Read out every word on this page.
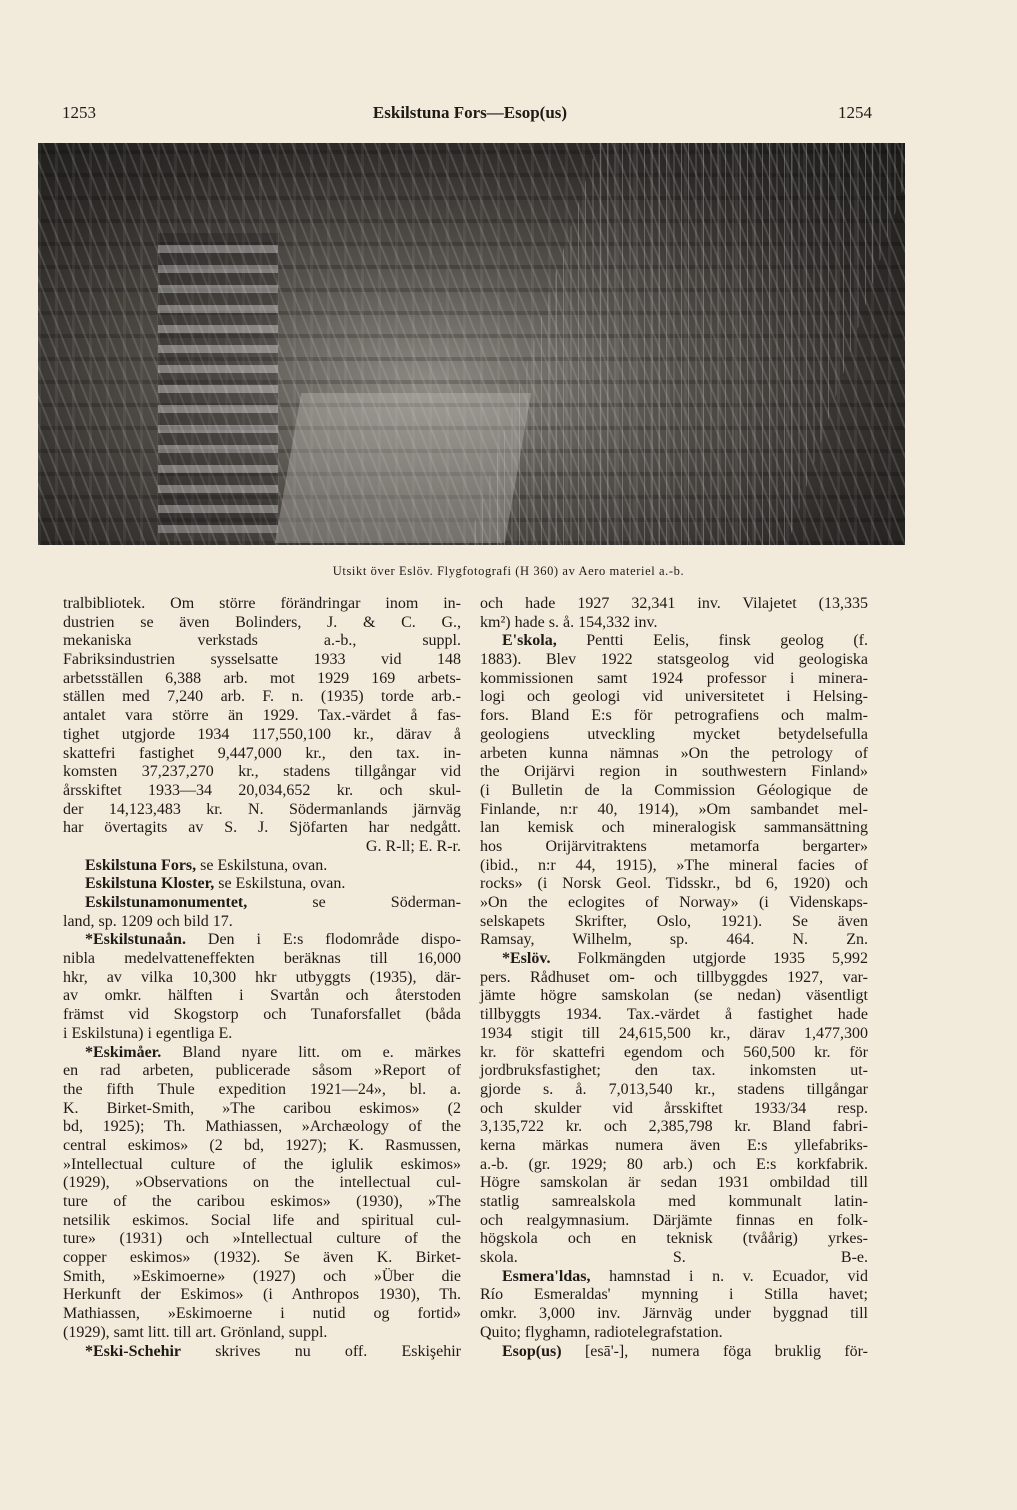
1253	Eskilstuna Fors—Esop(us)	1254
Utsikt över Eslöv. Flygfotografi (H 360) av Aero materiel a.-b.
tralbibliotek. Om större förändringar inom in-
dustrien se även Bolinders, J. & C. G.,
mekaniska verkstads a.-b., suppl.
Fabriksindustrien sysselsatte 1933 vid 148
arbetsställen 6,388 arb. mot 1929 169 arbets-
ställen med 7,240 arb. F. n. (1935) torde arb.-
antalet vara större än 1929. Tax.-värdet å fas-
tighet utgjorde 1934 117,550,100 kr., därav å
skattefri fastighet 9,447,000 kr., den tax. in-
komsten 37,237,270 kr., stadens tillgångar vid
årsskiftet 1933—34 20,034,652 kr. och skul-
der 14,123,483 kr. N. Södermanlands järnväg
har övertagits av S. J. Sjöfarten har nedgått.
G. R-ll; E. R-r.
Eskilstuna Fors, se Eskilstuna, ovan.
Eskilstuna Kloster, se Eskilstuna, ovan.
Eskilstunamonumentet, se Söderman-
land, sp. 1209 och bild 17.
*Eskilstunaån. Den i E:s flodområde dispo-
nibla medelvatteneffekten beräknas till 16,000
hkr, av vilka 10,300 hkr utbyggts (1935), där-
av omkr. hälften i Svartån och återstoden
främst vid Skogstorp och Tunaforsfallet (båda
i Eskilstuna) i egentliga E.
*Eskimåer. Bland nyare litt. om e. märkes
en rad arbeten, publicerade såsom »Report of
the fifth Thule expedition 1921—24», bl. a.
K. Birket-Smith, »The caribou eskimos» (2
bd, 1925); Th. Mathiassen, »Archæology of the
central eskimos» (2 bd, 1927); K. Rasmussen,
»Intellectual culture of the iglulik eskimos»
(1929), »Observations on the intellectual cul-
ture of the caribou eskimos» (1930), »The
netsilik eskimos. Social life and spiritual cul-
ture» (1931) och »Intellectual culture of the
copper eskimos» (1932). Se även K. Birket-
Smith, »Eskimoerne» (1927) och »Über die
Herkunft der Eskimos» (i Anthropos 1930), Th.
Mathiassen, »Eskimoerne i nutid og fortid»
(1929), samt litt. till art. Grönland, suppl.
*Eski-Schehir skrives nu off. Eskişehir
och hade 1927 32,341 inv. Vilajetet (13,335
km²) hade s. å. 154,332 inv.
E'skola, Pentti Eelis, finsk geolog (f.
1883). Blev 1922 statsgeolog vid geologiska
kommissionen samt 1924 professor i minera-
logi och geologi vid universitetet i Helsing-
fors. Bland E:s för petrografiens och malm-
geologiens utveckling mycket betydelsefulla
arbeten kunna nämnas »On the petrology of
the Orijärvi region in southwestern Finland»
(i Bulletin de la Commission Géologique de
Finlande, n:r 40, 1914), »Om sambandet mel-
lan kemisk och mineralogisk sammansättning
hos Orijärvitraktens metamorfa bergarter»
(ibid., n:r 44, 1915), »The mineral facies of
rocks» (i Norsk Geol. Tidsskr., bd 6, 1920) och
»On the eclogites of Norway» (i Videnskaps-
selskapets Skrifter, Oslo, 1921). Se även
Ramsay, Wilhelm, sp. 464. N. Zn.
*Eslöv. Folkmängden utgjorde 1935 5,992
pers. Rådhuset om- och tillbyggdes 1927, var-
jämte högre samskolan (se nedan) väsentligt
tillbyggts 1934. Tax.-värdet å fastighet hade
1934 stigit till 24,615,500 kr., därav 1,477,300
kr. för skattefri egendom och 560,500 kr. för
jordbruksfastighet; den tax. inkomsten ut-
gjorde s. å. 7,013,540 kr., stadens tillgångar
och skulder vid årsskiftet 1933/34 resp.
3,135,722 kr. och 2,385,798 kr. Bland fabri-
kerna märkas numera även E:s yllefabriks-
a.-b. (gr. 1929; 80 arb.) och E:s korkfabrik.
Högre samskolan är sedan 1931 ombildad till
statlig samrealskola med kommunalt latin-
och realgymnasium. Därjämte finnas en folk-
högskola och en teknisk (tvåårig) yrkes-
skola. S. B-e.
Esmera'ldas, hamnstad i n. v. Ecuador, vid
Río Esmeraldas' mynning i Stilla havet;
omkr. 3,000 inv. Järnväg under byggnad till
Quito; flyghamn, radiotelegrafstation.
Esop(us) [esā'-], numera föga bruklig för-
